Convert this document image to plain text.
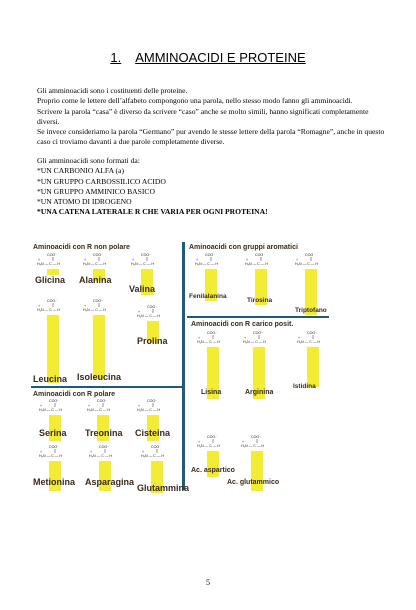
1. AMMINOACIDI E PROTEINE

Gli amminoacidi sono i costituenti delle proteine.

Proprio come le lettere dell’alfabeto compongono una parola, nello stesso modo fanno gli amminoacidi.

Scrivere la parola “casa” è diverso da scrivere “caso” anche se molto simili, hanno significati completamente diversi.

Se invece consideriamo la parola “Germano” pur avendo le stesse lettere della parola “Romagne”, anche in questo caso ci troviamo davanti a due parole completamente diverse.

Gli amminoacidi sono formati da:

*UN CARBONIO ALFA (a)

*UN GRUPPO CARBOSSILICO ACIDO

*UN GRUPPO AMMINICO BASICO

*UN ATOMO DI IDROGENO

*UNA CATENA LATERALE R CHE VARIA PER OGNI PROTEINA!

Aminoacidi con R non polare	Aminoacidi con gruppi aromatici
Aminoacidi con R carico posit.
Aminoacidi con R polare
COO⁻
+
H₃N — C — H
COO⁻
+
H₃N — C — H
COO⁻
+
H₃N — C — H
COO⁻
+
H₃N — C — H
COO⁻
+
H₃N — C — H
COO⁻
+
H₃N — C — H
COO⁻
+
H₃N — C — H
COO⁻
+
H₃N — C — H
COO⁻
+
H₃N — C — H
COO⁻
+
H₃N — C — H
COO⁻
+
H₃N — C — H
COO⁻
+
H₃N — C — H
COO⁻
+
H₃N — C — H
COO⁻
+
H₃N — C — H
COO⁻
+
H₃N — C — H
COO⁻
+
H₃N — C — H
COO⁻
+
H₃N — C — H
COO⁻
+
H₃N — C — H
COO⁻
+
H₃N — C — H
COO⁻
+
H₃N — C — H
Glicina Alanina
Valina
Leucina Isoleucina
Prolina
Fenilalanina
Tirosina
Triptofano
Lisina	Arginina
Istidina
Serina Treonina Cisteina
Metionina Asparagina
Glutammina
Ac. aspartico
Ac. glutammico
5
